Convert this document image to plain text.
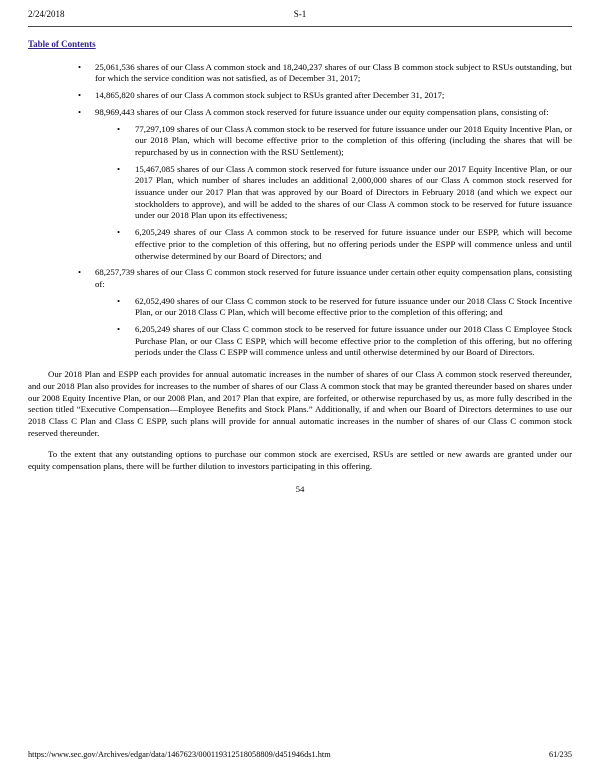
2/24/2018	S-1
Table of Contents
•	25,061,536 shares of our Class A common stock and 18,240,237 shares of our Class B common stock subject to RSUs outstanding, but for which the service condition was not satisfied, as of December 31, 2017;
•	14,865,820 shares of our Class A common stock subject to RSUs granted after December 31, 2017;
•	98,969,443 shares of our Class A common stock reserved for future issuance under our equity compensation plans, consisting of:
•	77,297,109 shares of our Class A common stock to be reserved for future issuance under our 2018 Equity Incentive Plan, or our 2018 Plan, which will become effective prior to the completion of this offering (including the shares that will be repurchased by us in connection with the RSU Settlement);
•	15,467,085 shares of our Class A common stock reserved for future issuance under our 2017 Equity Incentive Plan, or our 2017 Plan, which number of shares includes an additional 2,000,000 shares of our Class A common stock reserved for issuance under our 2017 Plan that was approved by our Board of Directors in February 2018 (and which we expect our stockholders to approve), and will be added to the shares of our Class A common stock to be reserved for future issuance under our 2018 Plan upon its effectiveness;
•	6,205,249 shares of our Class A common stock to be reserved for future issuance under our ESPP, which will become effective prior to the completion of this offering, but no offering periods under the ESPP will commence unless and until otherwise determined by our Board of Directors; and
•	68,257,739 shares of our Class C common stock reserved for future issuance under certain other equity compensation plans, consisting of:
•	62,052,490 shares of our Class C common stock to be reserved for future issuance under our 2018 Class C Stock Incentive Plan, or our 2018 Class C Plan, which will become effective prior to the completion of this offering; and
•	6,205,249 shares of our Class C common stock to be reserved for future issuance under our 2018 Class C Employee Stock Purchase Plan, or our Class C ESPP, which will become effective prior to the completion of this offering, but no offering periods under the Class C ESPP will commence unless and until otherwise determined by our Board of Directors.

Our 2018 Plan and ESPP each provides for annual automatic increases in the number of shares of our Class A common stock reserved thereunder, and our 2018 Plan also provides for increases to the number of shares of our Class A common stock that may be granted thereunder based on shares under our 2008 Equity Incentive Plan, or our 2008 Plan, and 2017 Plan that expire, are forfeited, or otherwise repurchased by us, as more fully described in the section titled “Executive Compensation—Employee Benefits and Stock Plans.” Additionally, if and when our Board of Directors determines to use our 2018 Class C Plan and Class C ESPP, such plans will provide for annual automatic increases in the number of shares of our Class C common stock reserved thereunder.

To the extent that any outstanding options to purchase our common stock are exercised, RSUs are settled or new awards are granted under our equity compensation plans, there will be further dilution to investors participating in this offering.

54
https://www.sec.gov/Archives/edgar/data/1467623/000119312518058809/d451946ds1.htm	61/235
